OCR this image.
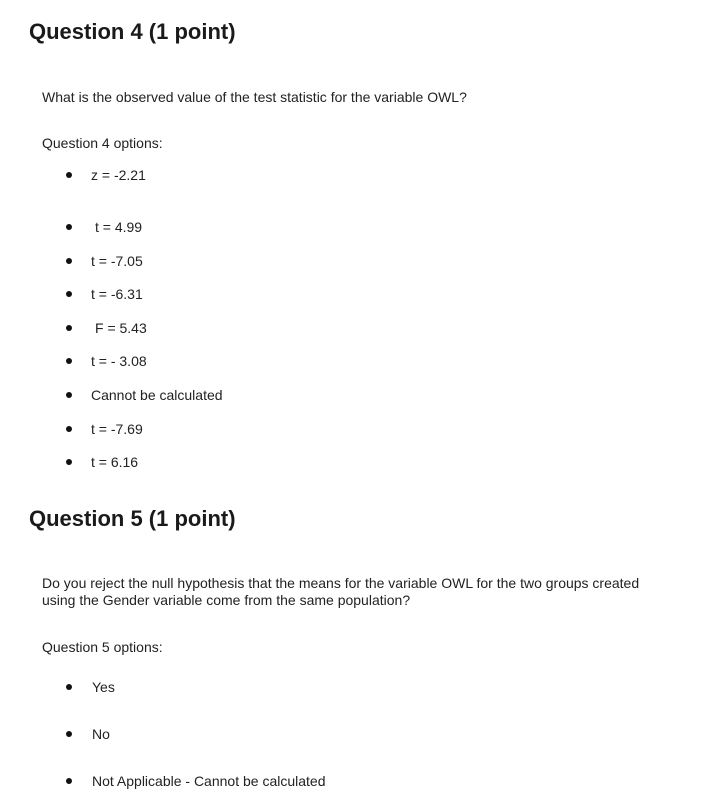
Question 4 (1 point)

What is the observed value of the test statistic for the variable OWL?

Question 4 options:

z = -2.21
t = 4.99
t = -7.05
t = -6.31
F = 5.43
t = - 3.08
Cannot be calculated
t = -7.69
t = 6.16
Question 5 (1 point)

Do you reject the null hypothesis that the means for the variable OWL for the two groups created using the Gender variable come from the same population?

Question 5 options:

Yes
No
Not Applicable - Cannot be calculated
